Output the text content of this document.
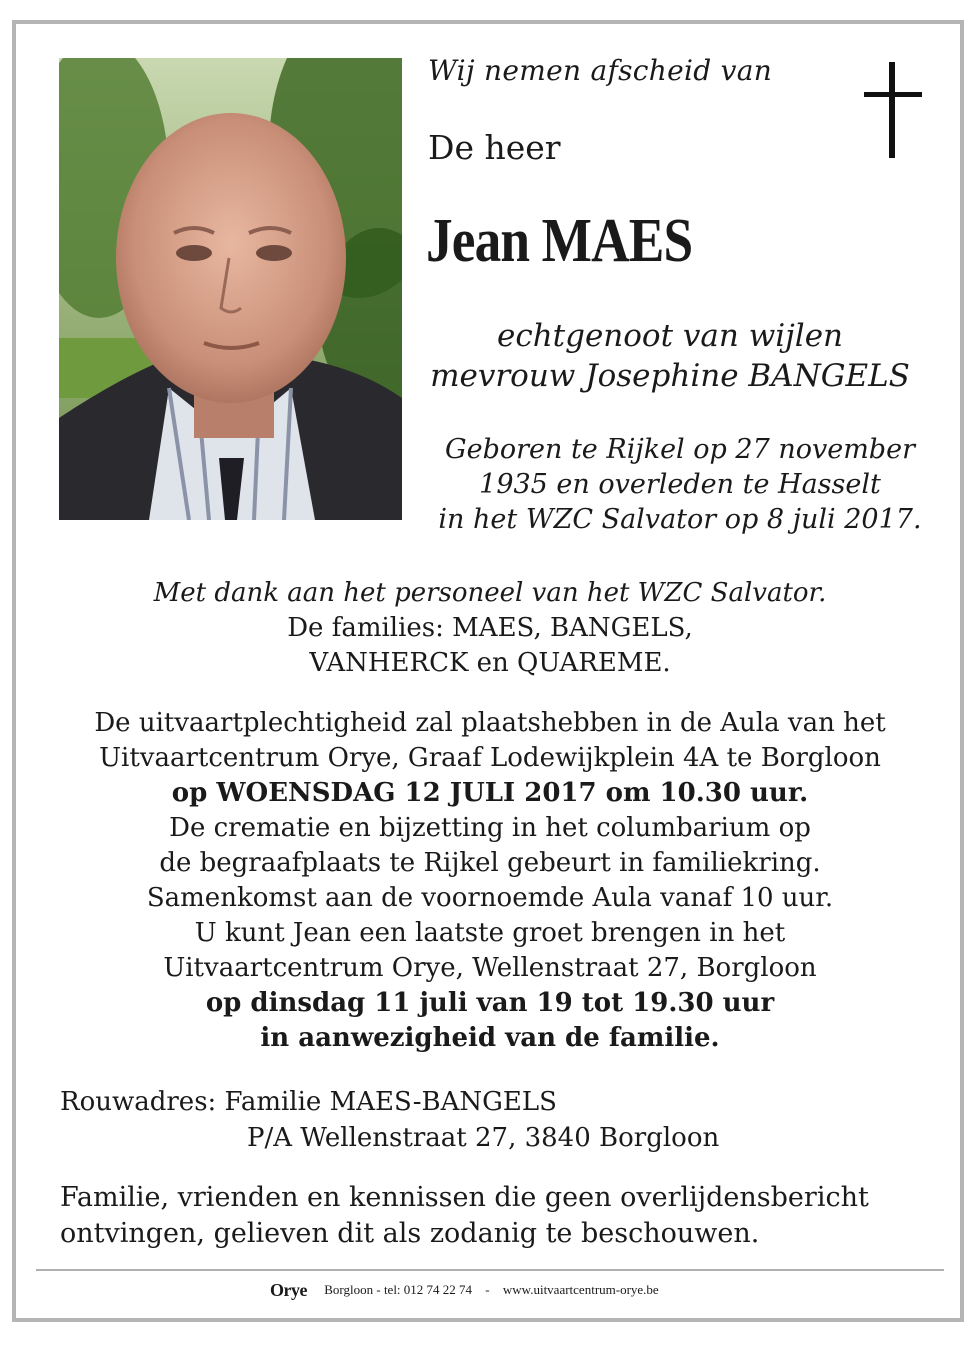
Wij nemen afscheid van
De heer
Jean MAES
echtgenoot van wijlen
mevrouw Josephine BANGELS
Geboren te Rijkel op 27 november
1935 en overleden te Hasselt
in het WZC Salvator op 8 juli 2017.
Met dank aan het personeel van het WZC Salvator.
De families: MAES, BANGELS,
VANHERCK en QUAREME.
De uitvaartplechtigheid zal plaatshebben in de Aula van het
Uitvaartcentrum Orye, Graaf Lodewijkplein 4A te Borgloon
op WOENSDAG 12 JULI 2017 om 10.30 uur.
De crematie en bijzetting in het columbarium op
de begraafplaats te Rijkel gebeurt in familiekring.
Samenkomst aan de voornoemde Aula vanaf 10 uur.
U kunt Jean een laatste groet brengen in het
Uitvaartcentrum Orye, Wellenstraat 27, Borgloon
op dinsdag 11 juli van 19 tot 19.30 uur
in aanwezigheid van de familie.
Rouwadres: Familie MAES-BANGELS
P/A Wellenstraat 27, 3840 Borgloon
Familie, vrienden en kennissen die geen overlijdensbericht
ontvingen, gelieven dit als zodanig te beschouwen.
Orye Borgloon - tel: 012 74 22 74 - www.uitvaartcentrum-orye.be
